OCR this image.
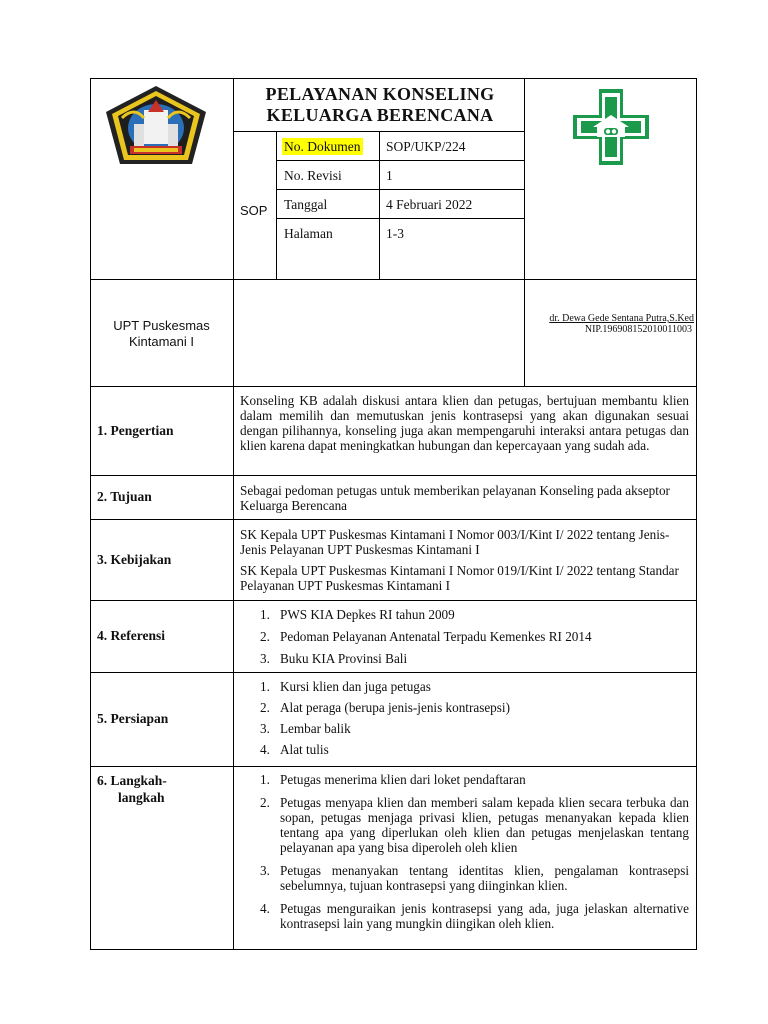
PELAYANAN KONSELING
KELUARGA BERENCANA
SOP
No. Dokumen SOP/UKP/224
No. Revisi	1
Tanggal	4 Februari 2022
Halaman	1-3
UPT Puskesmas
Kintamani I
dr. Dewa Gede Sentana Putra,S.Ked
NIP.196908152010011003
1. Pengertian
Konseling KB adalah diskusi antara klien dan petugas, bertujuan membantu klien dalam memilih dan memutuskan jenis kontrasepsi yang akan digunakan sesuai dengan pilihannya, konseling juga akan mempengaruhi interaksi antara petugas dan klien karena dapat meningkatkan hubungan dan kepercayaan yang sudah ada.
2. Tujuan	Sebagai pedoman petugas untuk memberikan pelayanan Konseling pada akseptor Keluarga Berencana
3. Kebijakan
SK Kepala UPT Puskesmas Kintamani I Nomor 003/I/Kint I/ 2022 tentang Jenis-Jenis Pelayanan UPT Puskesmas Kintamani I
SK Kepala UPT Puskesmas Kintamani I Nomor 019/I/Kint I/ 2022 tentang Standar Pelayanan UPT Puskesmas Kintamani I
4. Referensi
1. PWS KIA Depkes RI tahun 2009
2. Pedoman Pelayanan Antenatal Terpadu Kemenkes RI 2014
3. Buku KIA Provinsi Bali
5. Persiapan
1. Kursi klien dan juga petugas
2. Alat peraga (berupa jenis-jenis kontrasepsi)
3. Lembar balik
4. Alat tulis
6. Langkah-
langkah
1. Petugas menerima klien dari loket pendaftaran
2. Petugas menyapa klien dan memberi salam kepada klien secara terbuka dan sopan, petugas menjaga privasi klien, petugas menanyakan kepada klien tentang apa yang diperlukan oleh klien dan petugas menjelaskan tentang pelayanan apa yang bisa diperoleh oleh klien
3. Petugas menanyakan tentang identitas klien, pengalaman kontrasepsi sebelumnya, tujuan kontrasepsi yang diinginkan klien.
4. Petugas menguraikan jenis kontrasepsi yang ada, juga jelaskan alternative kontrasepsi lain yang mungkin diingikan oleh klien.
